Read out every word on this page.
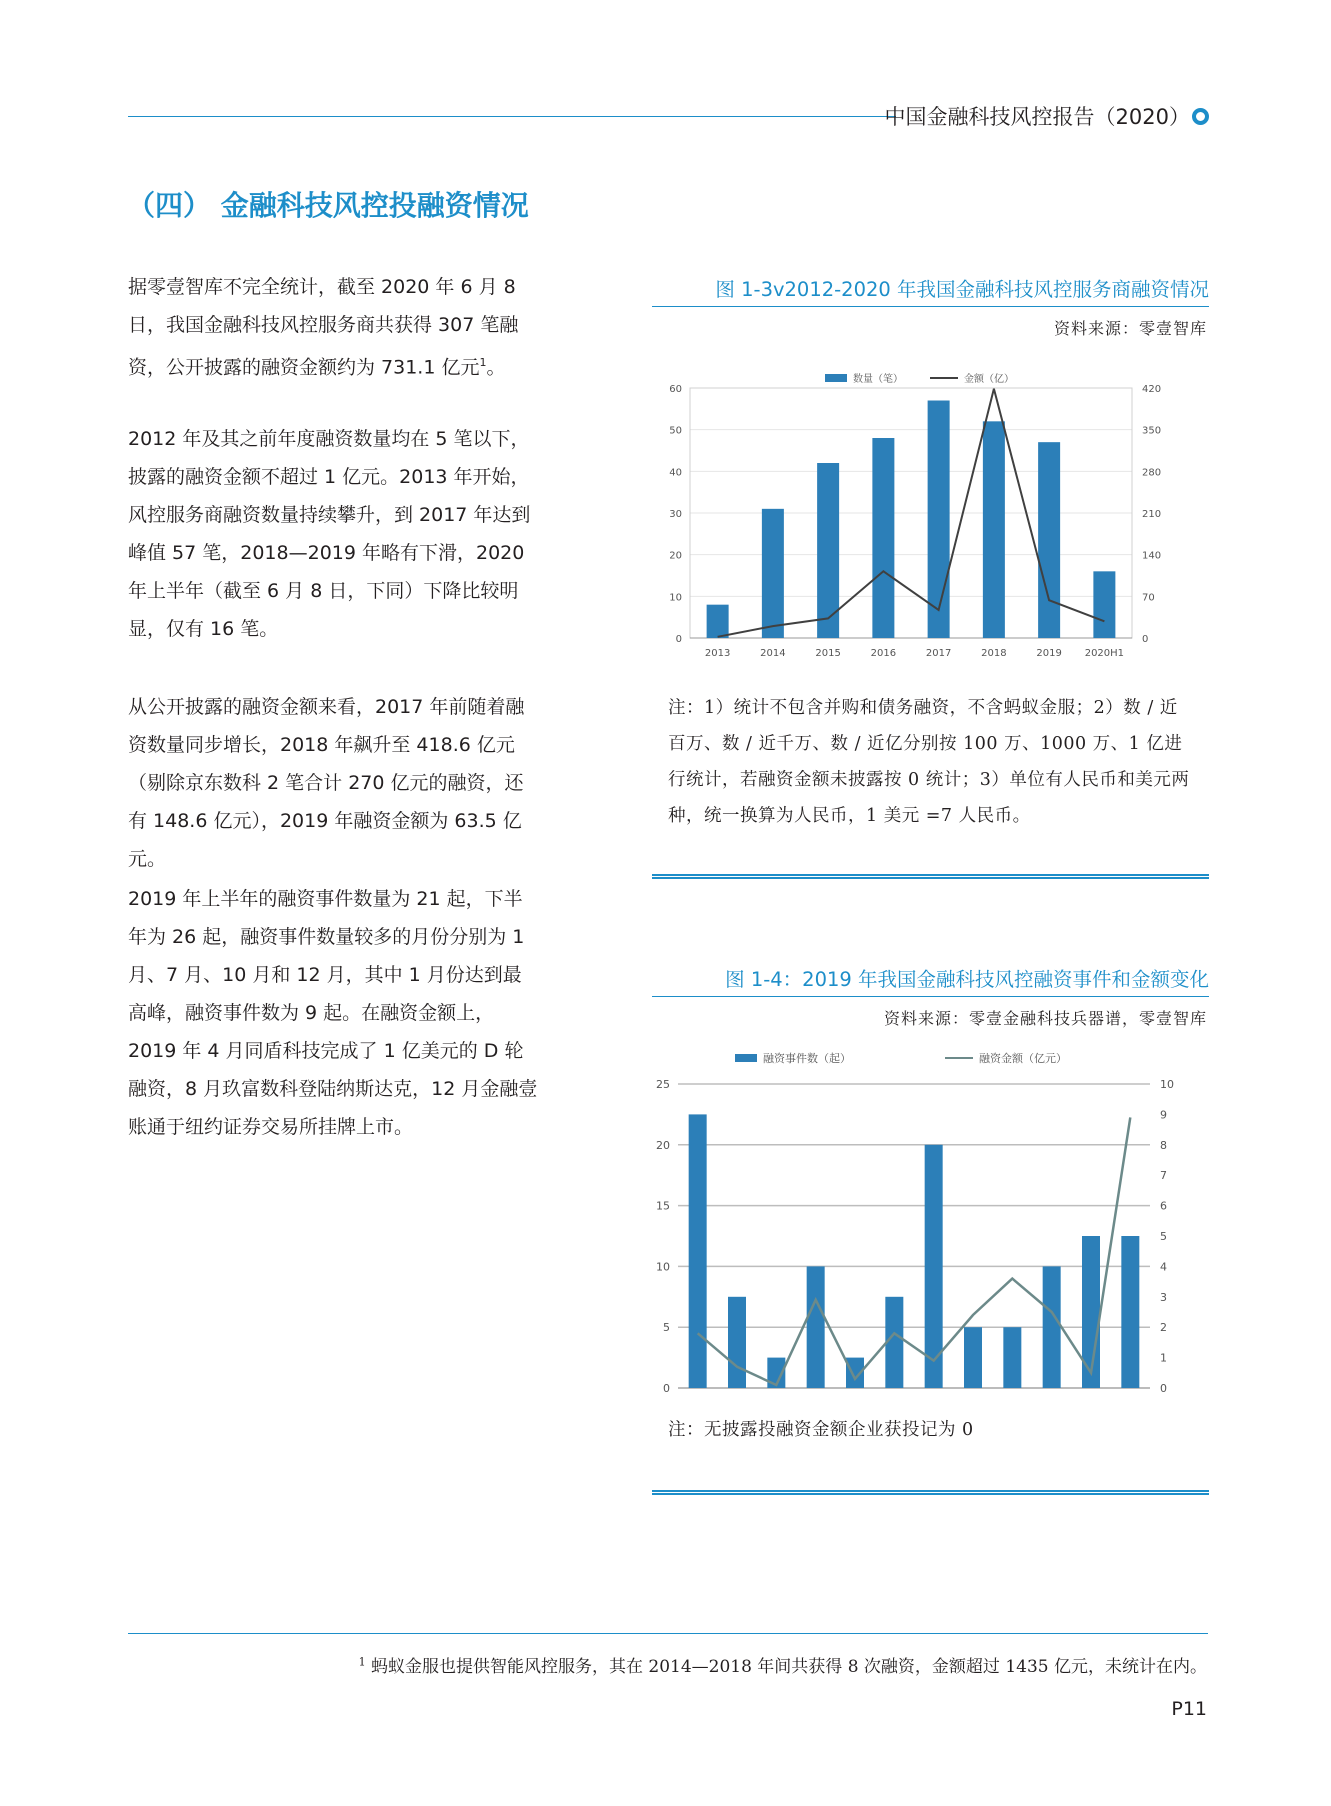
中国金融科技风控报告（2020）
（四） 金融科技风控投融资情况

据零壹智库不完全统计，截至 2020 年 6 月 8 日，我国金融科技风控服务商共获得 307 笔融资，公开披露的融资金额约为 731.1 亿元$^1$。

2012 年及其之前年度融资数量均在 5 笔以下，披露的融资金额不超过 1 亿元。2013 年开始，风控服务商融资数量持续攀升，到 2017 年达到峰值 57 笔，2018—2019 年略有下滑，2020 年上半年（截至 6 月 8 日，下同）下降比较明显，仅有 16 笔。

从公开披露的融资金额来看，2017 年前随着融资数量同步增长，2018 年飙升至 418.6 亿元（剔除京东数科 2 笔合计 270 亿元的融资，还有 148.6 亿元），2019 年融资金额为 63.5 亿元。

2019 年上半年的融资事件数量为 21 起，下半年为 26 起，融资事件数量较多的月份分别为 1 月、7 月、10 月和 12 月，其中 1 月份达到最高峰，融资事件数为 9 起。在融资金额上，2019 年 4 月同盾科技完成了 1 亿美元的 D 轮融资，8 月玖富数科登陆纳斯达克，12 月金融壹账通于纽约证券交易所挂牌上市。

图 1-3v2012-2020 年我国金融科技风控服务商融资情况
资料来源：零壹智库
0
10
20
30
40
50
60
0
70
140
210
280
350
420
2013	2014	2015	2016	2017	2018	2019 2020H1
数量（笔）	金额（亿）

注：1）统计不包含并购和债务融资，不含蚂蚁金服；2）数 / 近百万、数 / 近千万、数 / 近亿分别按 100 万、1000 万、1 亿进行统计，若融资金额未披露按 0 统计；3）单位有人民币和美元两种，统一换算为人民币，1 美元 =7 人民币。

图 1-4：2019 年我国金融科技风控融资事件和金额变化
资料来源：零壹金融科技兵器谱，零壹智库
0
5
10
15
20
25
0
1
2
3
4
5
6
7
8
9
10
融资事件数（起）	融资金额（亿元）

注：无披露投融资金额企业获投记为 0

$^1$ 蚂蚁金服也提供智能风控服务，其在 2014—2018 年间共获得 8 次融资，金额超过 1435 亿元，未统计在内。
P11
